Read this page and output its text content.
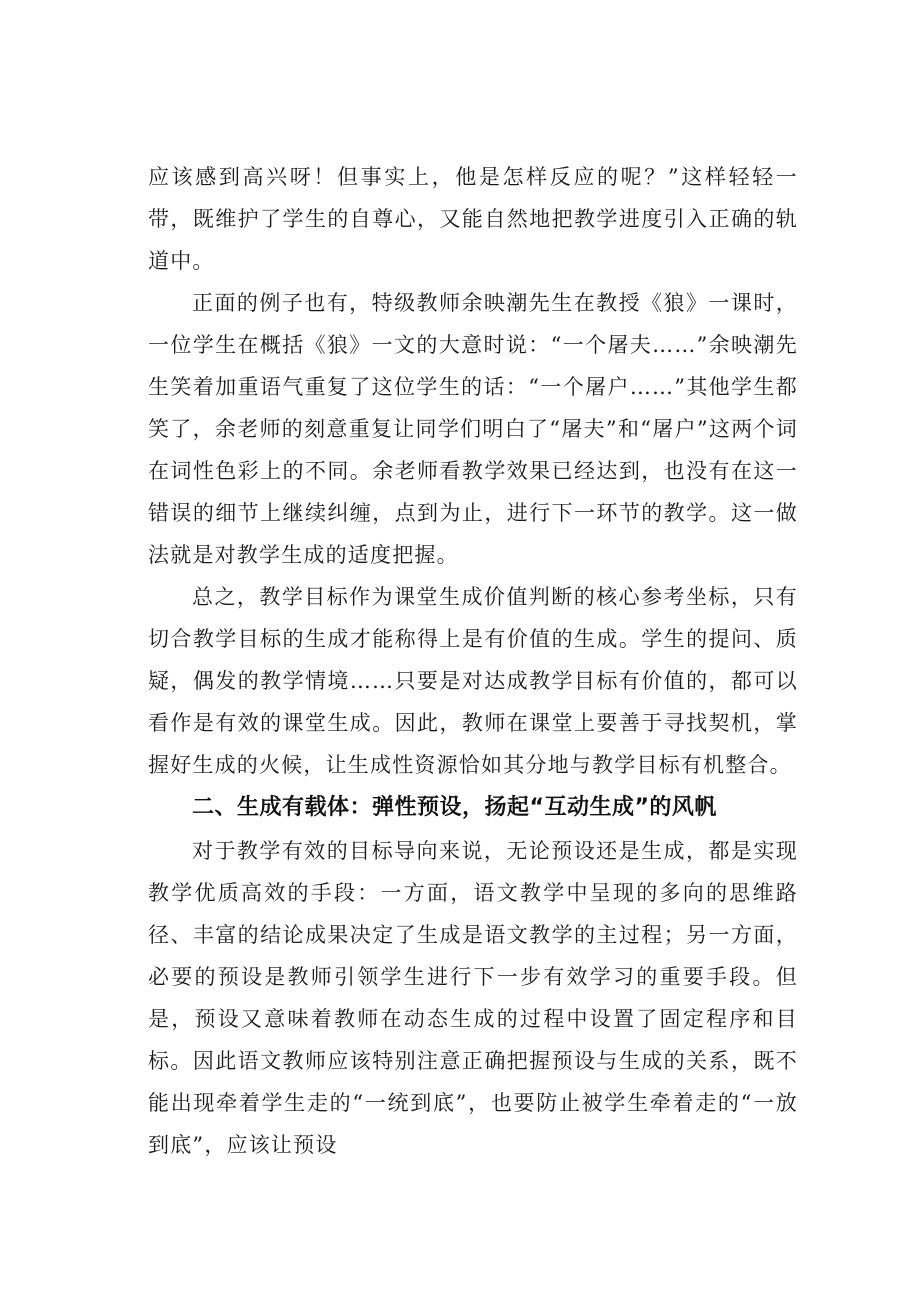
应该感到高兴呀！但事实上，他是怎样反应的呢？”这样轻轻一带，既维护了学生的自尊心，又能自然地把教学进度引入正确的轨道中。

正面的例子也有，特级教师余映潮先生在教授《狼》一课时，一位学生在概括《狼》一文的大意时说：“一个屠夫……”余映潮先生笑着加重语气重复了这位学生的话：“一个屠户……”其他学生都笑了，余老师的刻意重复让同学们明白了“屠夫”和“屠户”这两个词在词性色彩上的不同。余老师看教学效果已经达到，也没有在这一错误的细节上继续纠缠，点到为止，进行下一环节的教学。这一做法就是对教学生成的适度把握。

总之，教学目标作为课堂生成价值判断的核心参考坐标，只有切合教学目标的生成才能称得上是有价值的生成。学生的提问、质疑，偶发的教学情境……只要是对达成教学目标有价值的，都可以看作是有效的课堂生成。因此，教师在课堂上要善于寻找契机，掌握好生成的火候，让生成性资源恰如其分地与教学目标有机整合。

二、生成有载体：弹性预设，扬起“互动生成”的风帆

对于教学有效的目标导向来说，无论预设还是生成，都是实现教学优质高效的手段：一方面，语文教学中呈现的多向的思维路径、丰富的结论成果决定了生成是语文教学的主过程；另一方面，必要的预设是教师引领学生进行下一步有效学习的重要手段。但是，预设又意味着教师在动态生成的过程中设置了固定程序和目标。因此语文教师应该特别注意正确把握预设与生成的关系，既不能出现牵着学生走的“一统到底”，也要防止被学生牵着走的“一放到底”，应该让预设
